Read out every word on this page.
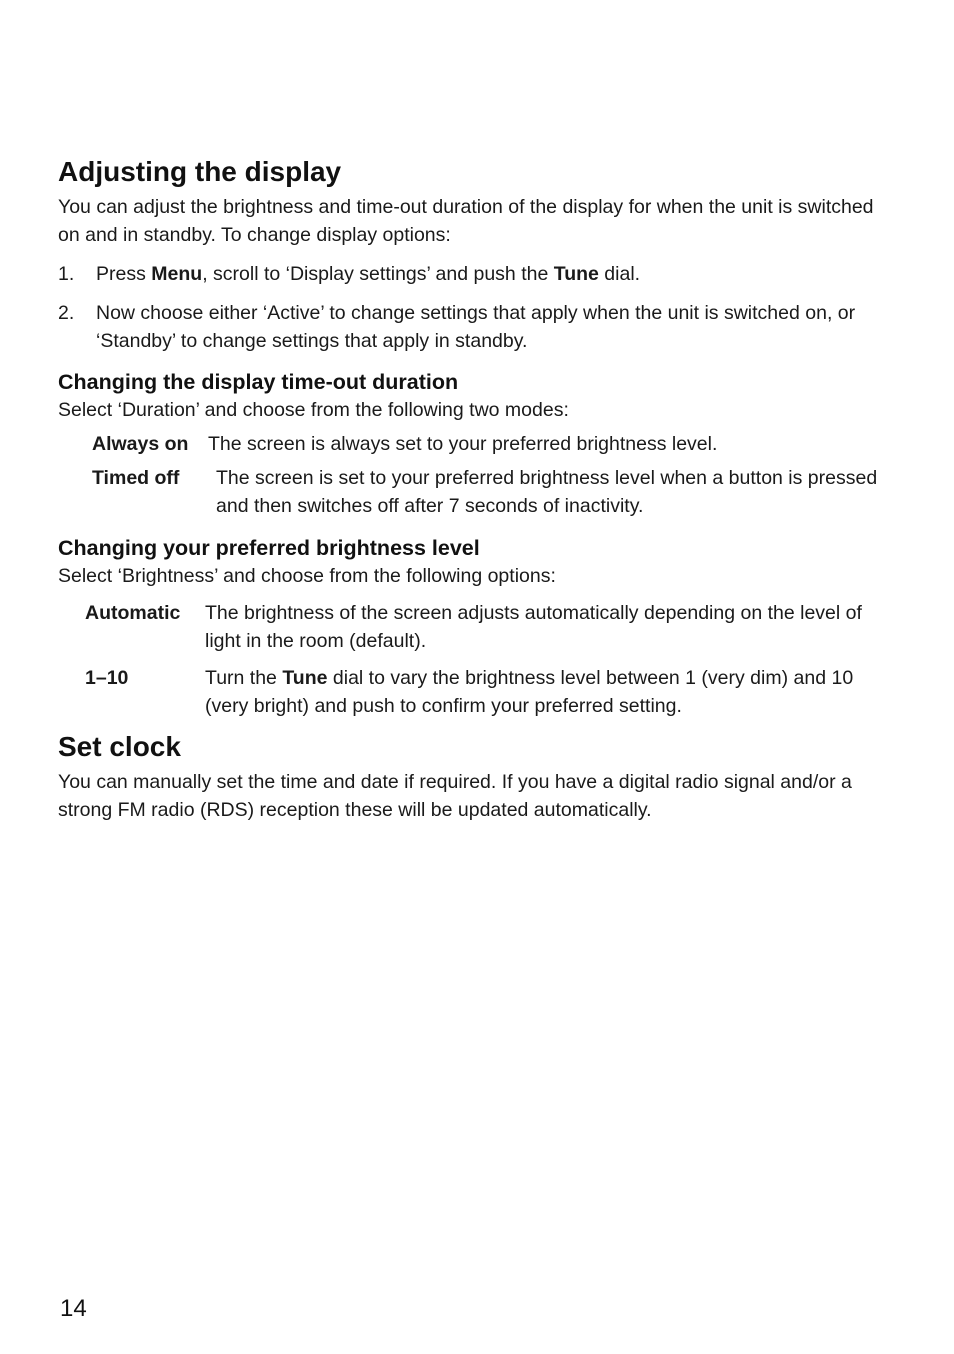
Adjusting the display

You can adjust the brightness and time-out duration of the display for when the unit is switched on and in standby. To change display options:

1. Press Menu, scroll to ‘Display settings’ and push the Tune dial.
2. Now choose either ‘Active’ to change settings that apply when the unit is switched on, or ‘Standby’ to change settings that apply in standby.
Changing the display time-out duration

Select ‘Duration’ and choose from the following two modes:

Always on	The screen is always set to your preferred brightness level.
Timed off	The screen is set to your preferred brightness level when a button is pressed and then switches off after 7 seconds of inactivity.
Changing your preferred brightness level

Select ‘Brightness’ and choose from the following options:

Automatic	The brightness of the screen adjusts automatically depending on the level of light in the room (default).
1–10	Turn the Tune dial to vary the brightness level between 1 (very dim) and 10 (very bright) and push to confirm your preferred setting.
Set clock

You can manually set the time and date if required. If you have a digital radio signal and/or a strong FM radio (RDS) reception these will be updated automatically.

14
